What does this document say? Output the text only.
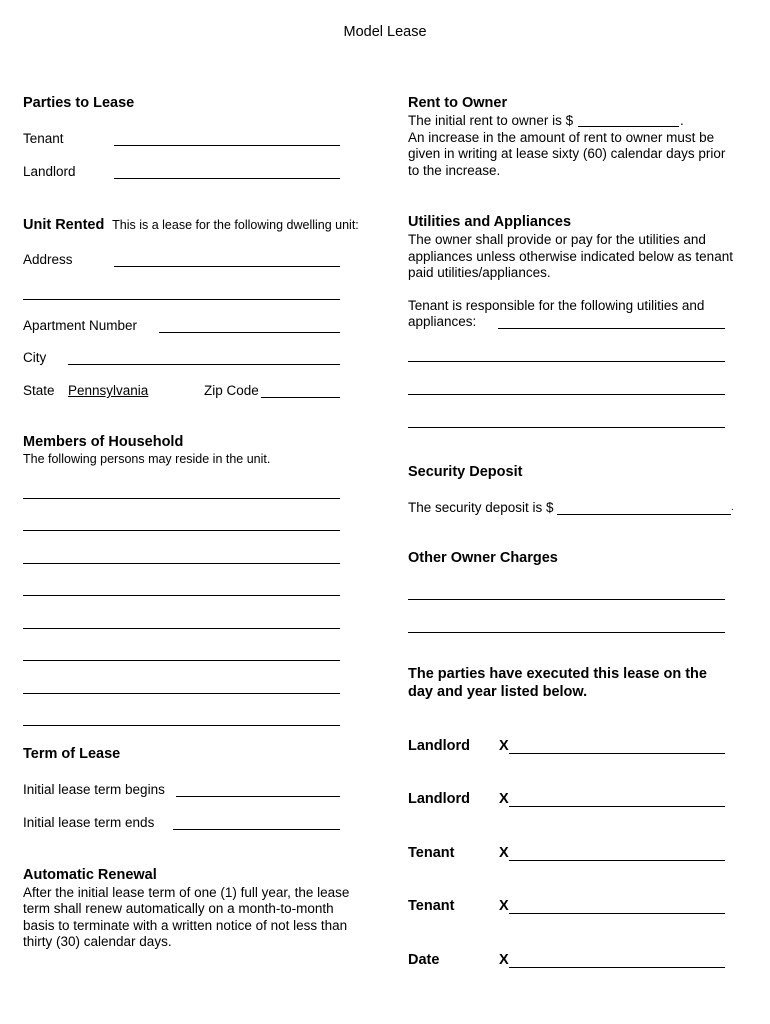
Model Lease
Parties to Lease
Tenant
Landlord
Unit Rented This is a lease for the following dwelling unit:
Address
Apartment Number
City
State Pennsylvania	Zip Code
Members of Household
The following persons may reside in the unit.
Term of Lease
Initial lease term begins
Initial lease term ends
Automatic Renewal
After the initial lease term of one (1) full year, the lease
term shall renew automatically on a month-to-month
basis to terminate with a written notice of not less than
thirty (30) calendar days.
Rent to Owner
The initial rent to owner is $	.
An increase in the amount of rent to owner must be
given in writing at lease sixty (60) calendar days prior
to the increase.
Utilities and Appliances
The owner shall provide or pay for the utilities and
appliances unless otherwise indicated below as tenant
paid utilities/appliances.
Tenant is responsible for the following utilities and
appliances:
Security Deposit
The security deposit is $	.
Other Owner Charges
The parties have executed this lease on the
day and year listed below.
Landlord X
Landlord X
Tenant	X
Tenant	X
Date	X
